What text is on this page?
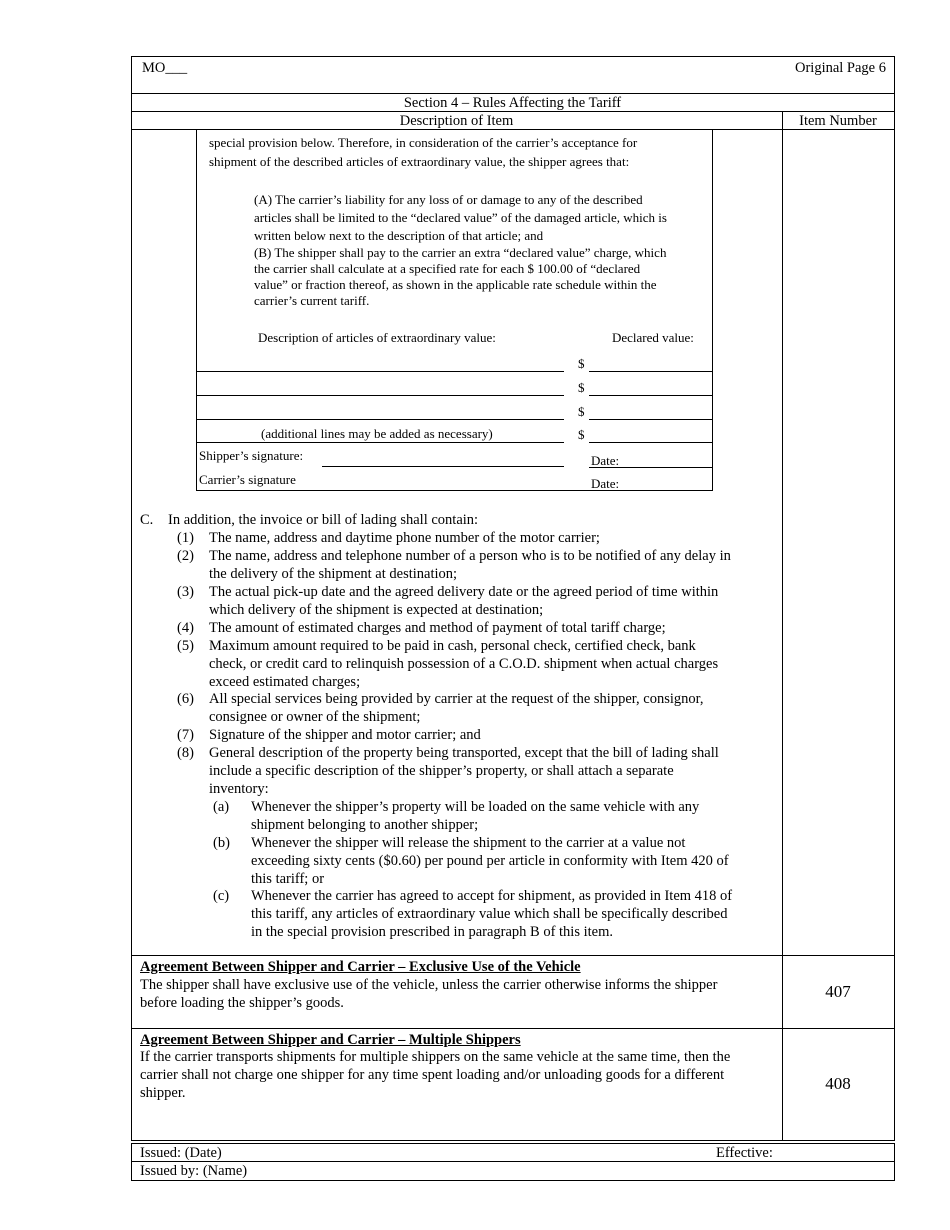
MO___	Original Page 6
Section 4 – Rules Affecting the Tariff
Description of Item	Item Number
special provision below. Therefore, in consideration of the carrier’s acceptance for
shipment of the described articles of extraordinary value, the shipper agrees that:
(A) The carrier’s liability for any loss of or damage to any of the described
articles shall be limited to the “declared value” of the damaged article, which is
written below next to the description of that article; and
(B) The shipper shall pay to the carrier an extra “declared value” charge, which
the carrier shall calculate at a specified rate for each $ 100.00 of “declared
value” or fraction thereof, as shown in the applicable rate schedule within the
carrier’s current tariff.
Description of articles of extraordinary value:	Declared value:
$
$
$
(additional lines may be added as necessary)	$
Shipper’s signature:	Date:
Carrier’s signature	Date:
C. In addition, the invoice or bill of lading shall contain:
(1) The name, address and daytime phone number of the motor carrier;
(2) The name, address and telephone number of a person who is to be notified of any delay in
the delivery of the shipment at destination;
(3) The actual pick-up date and the agreed delivery date or the agreed period of time within
which delivery of the shipment is expected at destination;
(4) The amount of estimated charges and method of payment of total tariff charge;
(5) Maximum amount required to be paid in cash, personal check, certified check, bank
check, or credit card to relinquish possession of a C.O.D. shipment when actual charges
exceed estimated charges;
(6) All special services being provided by carrier at the request of the shipper, consignor,
consignee or owner of the shipment;
(7) Signature of the shipper and motor carrier; and
(8) General description of the property being transported, except that the bill of lading shall
include a specific description of the shipper’s property, or shall attach a separate
inventory:
(a) Whenever the shipper’s property will be loaded on the same vehicle with any
shipment belonging to another shipper;
(b) Whenever the shipper will release the shipment to the carrier at a value not
exceeding sixty cents ($0.60) per pound per article in conformity with Item 420 of
this tariff; or
(c) Whenever the carrier has agreed to accept for shipment, as provided in Item 418 of
this tariff, any articles of extraordinary value which shall be specifically described
in the special provision prescribed in paragraph B of this item.
Agreement Between Shipper and Carrier – Exclusive Use of the Vehicle
The shipper shall have exclusive use of the vehicle, unless the carrier otherwise informs the shipper
before loading the shipper’s goods.
407
Agreement Between Shipper and Carrier – Multiple Shippers
If the carrier transports shipments for multiple shippers on the same vehicle at the same time, then the
carrier shall not charge one shipper for any time spent loading and/or unloading goods for a different
shipper.	408
Issued: (Date)	Effective:
Issued by: (Name)
